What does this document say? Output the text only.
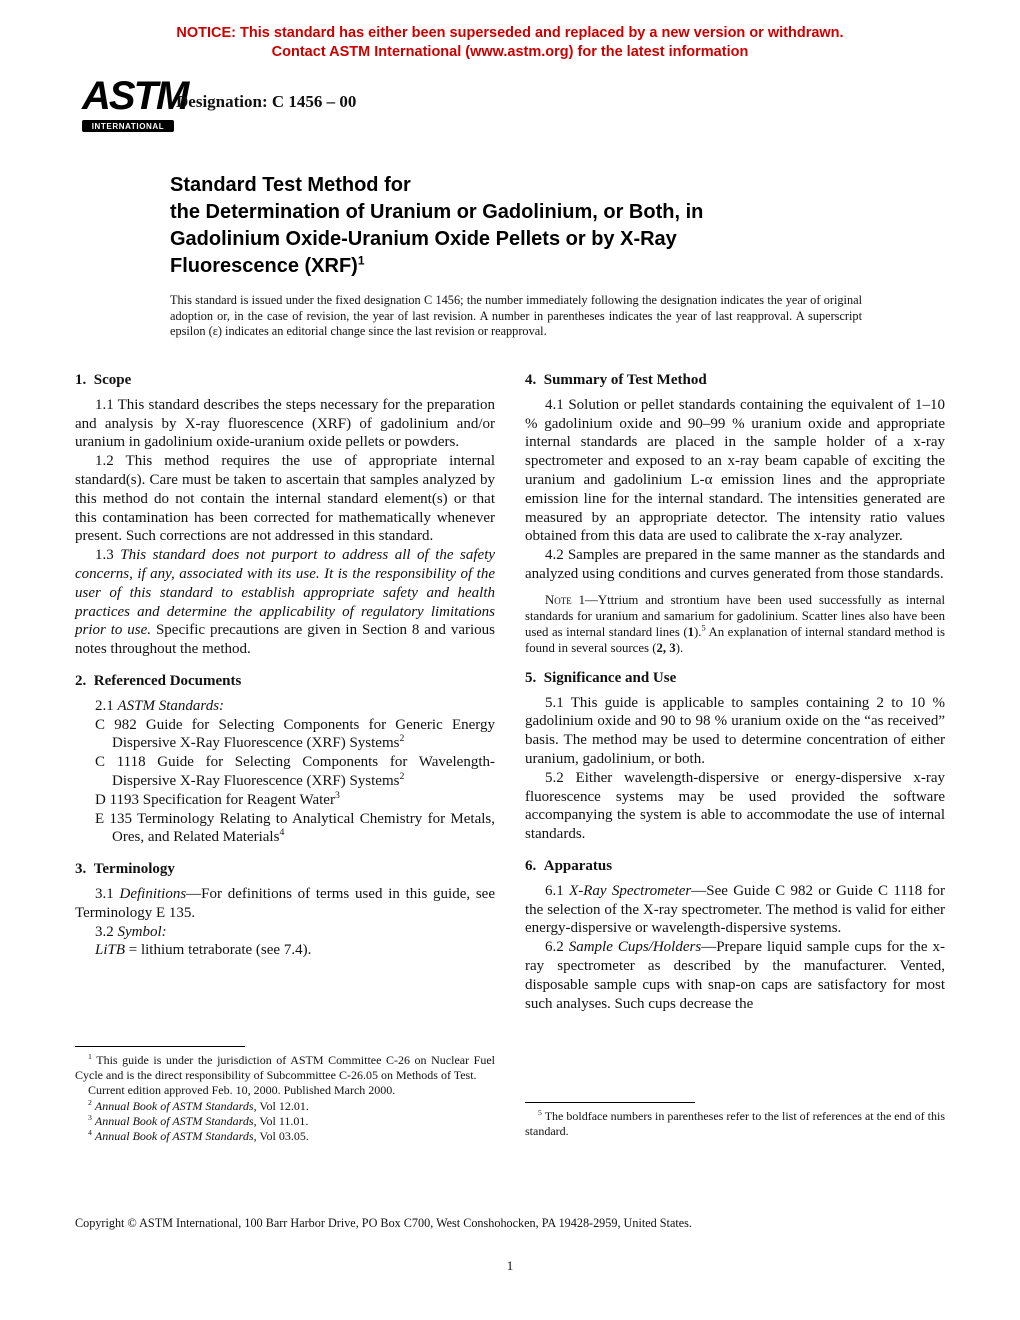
NOTICE: This standard has either been superseded and replaced by a new version or withdrawn.
Contact ASTM International (www.astm.org) for the latest information
ASTM
INTERNATIONAL
Designation: C 1456 – 00
Standard Test Method for
the Determination of Uranium or Gadolinium, or Both, in
Gadolinium Oxide-Uranium Oxide Pellets or by X-Ray
Fluorescence (XRF)$^1$
This standard is issued under the fixed designation C 1456; the number immediately following the designation indicates the year of original adoption or, in the case of revision, the year of last revision. A number in parentheses indicates the year of last reapproval. A superscript epsilon (ε) indicates an editorial change since the last revision or reapproval.
1. Scope
1.1 This standard describes the steps necessary for the preparation and analysis by X-ray fluorescence (XRF) of gadolinium and/or uranium in gadolinium oxide-uranium oxide pellets or powders.
1.2 This method requires the use of appropriate internal standard(s). Care must be taken to ascertain that samples analyzed by this method do not contain the internal standard element(s) or that this contamination has been corrected for mathematically whenever present. Such corrections are not addressed in this standard.
1.3 This standard does not purport to address all of the safety concerns, if any, associated with its use. It is the responsibility of the user of this standard to establish appropriate safety and health practices and determine the applicability of regulatory limitations prior to use. Specific precautions are given in Section 8 and various notes throughout the method.
2. Referenced Documents
2.1 ASTM Standards:
C 982 Guide for Selecting Components for Generic Energy Dispersive X-Ray Fluorescence (XRF) Systems$^2$
C 1118 Guide for Selecting Components for Wavelength-Dispersive X-Ray Fluorescence (XRF) Systems$^2$
D 1193 Specification for Reagent Water$^3$
E 135 Terminology Relating to Analytical Chemistry for Metals, Ores, and Related Materials$^4$
3. Terminology
3.1 Definitions—For definitions of terms used in this guide, see Terminology E 135.
3.2 Symbol:
LiTB = lithium tetraborate (see 7.4).
4. Summary of Test Method
4.1 Solution or pellet standards containing the equivalent of 1–10 % gadolinium oxide and 90–99 % uranium oxide and appropriate internal standards are placed in the sample holder of a x-ray spectrometer and exposed to an x-ray beam capable of exciting the uranium and gadolinium L-α emission lines and the appropriate emission line for the internal standard. The intensities generated are measured by an appropriate detector. The intensity ratio values obtained from this data are used to calibrate the x-ray analyzer.
4.2 Samples are prepared in the same manner as the standards and analyzed using conditions and curves generated from those standards.
Note 1—Yttrium and strontium have been used successfully as internal standards for uranium and samarium for gadolinium. Scatter lines also have been used as internal standard lines (1).$^5$ An explanation of internal standard method is found in several sources (2, 3).
5. Significance and Use
5.1 This guide is applicable to samples containing 2 to 10 % gadolinium oxide and 90 to 98 % uranium oxide on the “as received” basis. The method may be used to determine concentration of either uranium, gadolinium, or both.
5.2 Either wavelength-dispersive or energy-dispersive x-ray fluorescence systems may be used provided the software accompanying the system is able to accommodate the use of internal standards.
6. Apparatus
6.1 X-Ray Spectrometer—See Guide C 982 or Guide C 1118 for the selection of the X-ray spectrometer. The method is valid for either energy-dispersive or wavelength-dispersive systems.
6.2 Sample Cups/Holders—Prepare liquid sample cups for the x-ray spectrometer as described by the manufacturer. Vented, disposable sample cups with snap-on caps are satisfactory for most such analyses. Such cups decrease the
$^1$ This guide is under the jurisdiction of ASTM Committee C-26 on Nuclear Fuel Cycle and is the direct responsibility of Subcommittee C-26.05 on Methods of Test.
Current edition approved Feb. 10, 2000. Published March 2000.
$^2$ Annual Book of ASTM Standards, Vol 12.01.
$^3$ Annual Book of ASTM Standards, Vol 11.01.
$^4$ Annual Book of ASTM Standards, Vol 03.05.
$^5$ The boldface numbers in parentheses refer to the list of references at the end of this standard.
Copyright © ASTM International, 100 Barr Harbor Drive, PO Box C700, West Conshohocken, PA 19428-2959, United States.
1
